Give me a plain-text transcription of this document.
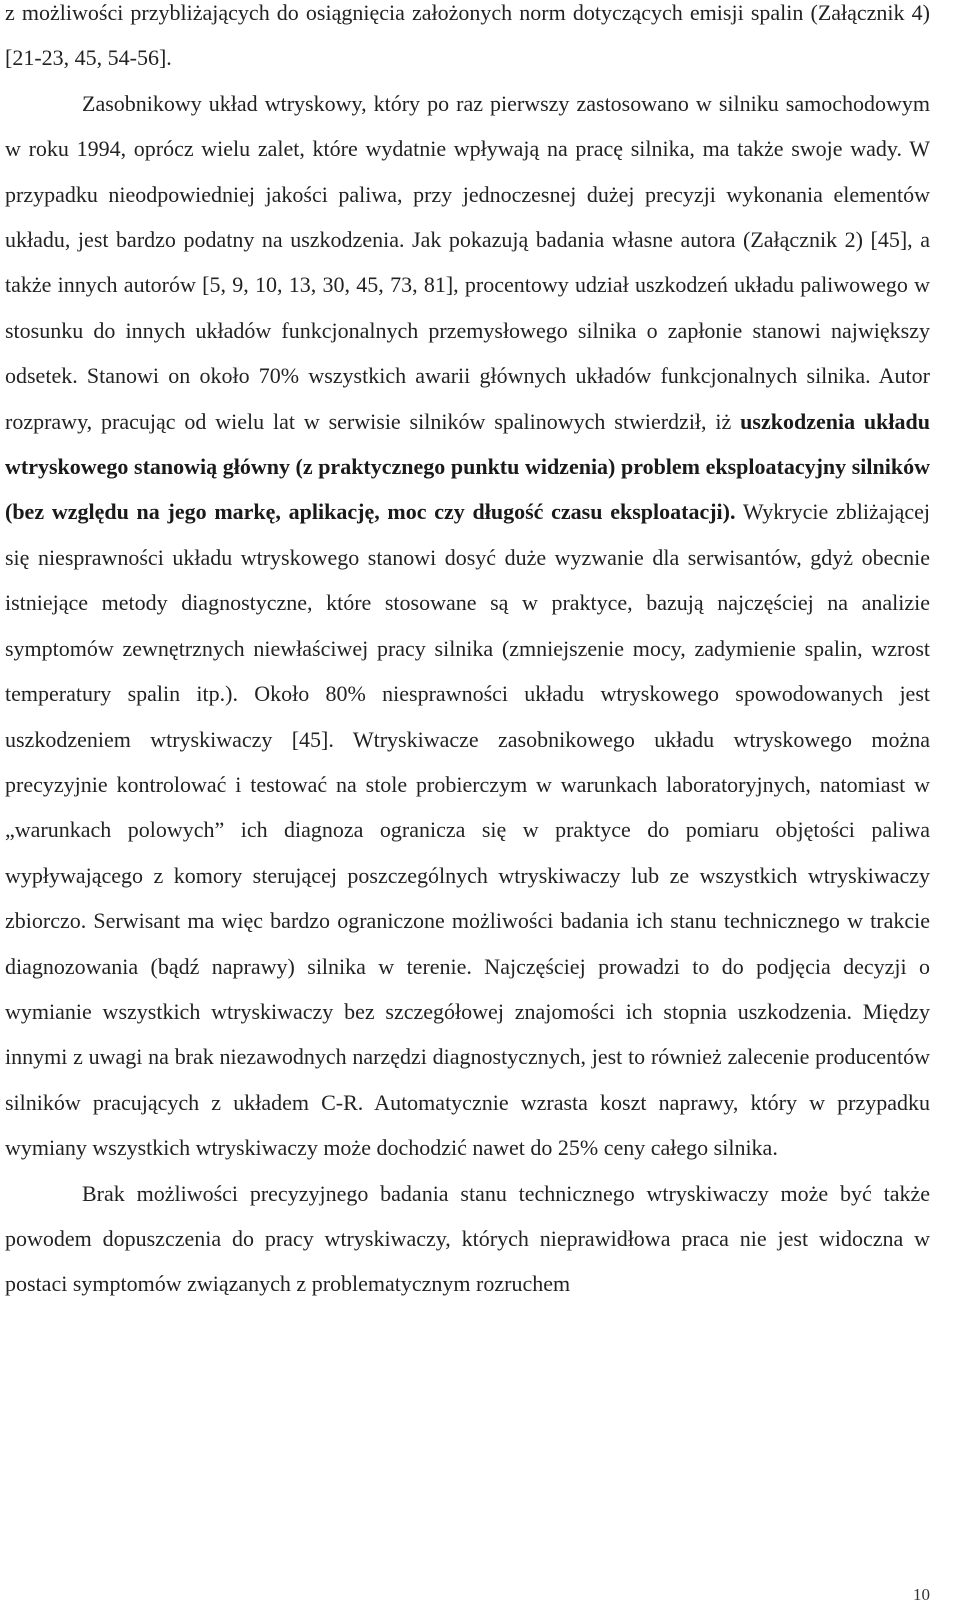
z możliwości przybliżających do osiągnięcia założonych norm dotyczących emisji spalin (Załącznik 4) [21-23, 45, 54-56].

Zasobnikowy układ wtryskowy, który po raz pierwszy zastosowano w silniku samochodowym w roku 1994, oprócz wielu zalet, które wydatnie wpływają na pracę silnika, ma także swoje wady. W przypadku nieodpowiedniej jakości paliwa, przy jednoczesnej dużej precyzji wykonania elementów układu, jest bardzo podatny na uszkodzenia. Jak pokazują badania własne autora (Załącznik 2) [45], a także innych autorów [5, 9, 10, 13, 30, 45, 73, 81], procentowy udział uszkodzeń układu paliwowego w stosunku do innych układów funkcjonalnych przemysłowego silnika o zapłonie stanowi największy odsetek. Stanowi on około 70% wszystkich awarii głównych układów funkcjonalnych silnika. Autor rozprawy, pracując od wielu lat w serwisie silników spalinowych stwierdził, iż uszkodzenia układu wtryskowego stanowią główny (z praktycznego punktu widzenia) problem eksploatacyjny silników (bez względu na jego markę, aplikację, moc czy długość czasu eksploatacji). Wykrycie zbliżającej się niesprawności układu wtryskowego stanowi dosyć duże wyzwanie dla serwisantów, gdyż obecnie istniejące metody diagnostyczne, które stosowane są w praktyce, bazują najczęściej na analizie symptomów zewnętrznych niewłaściwej pracy silnika (zmniejszenie mocy, zadymienie spalin, wzrost temperatury spalin itp.). Około 80% niesprawności układu wtryskowego spowodowanych jest uszkodzeniem wtryskiwaczy [45]. Wtryskiwacze zasobnikowego układu wtryskowego można precyzyjnie kontrolować i testować na stole probierczym w warunkach laboratoryjnych, natomiast w „warunkach polowych” ich diagnoza ogranicza się w praktyce do pomiaru objętości paliwa wypływającego z komory sterującej poszczególnych wtryskiwaczy lub ze wszystkich wtryskiwaczy zbiorczo. Serwisant ma więc bardzo ograniczone możliwości badania ich stanu technicznego w trakcie diagnozowania (bądź naprawy) silnika w terenie. Najczęściej prowadzi to do podjęcia decyzji o wymianie wszystkich wtryskiwaczy bez szczegółowej znajomości ich stopnia uszkodzenia. Między innymi z uwagi na brak niezawodnych narzędzi diagnostycznych, jest to również zalecenie producentów silników pracujących z układem C-R. Automatycznie wzrasta koszt naprawy, który w przypadku wymiany wszystkich wtryskiwaczy może dochodzić nawet do 25% ceny całego silnika.

Brak możliwości precyzyjnego badania stanu technicznego wtryskiwaczy może być także powodem dopuszczenia do pracy wtryskiwaczy, których nieprawidłowa praca nie jest widoczna w postaci symptomów związanych z problematycznym rozruchem

10
